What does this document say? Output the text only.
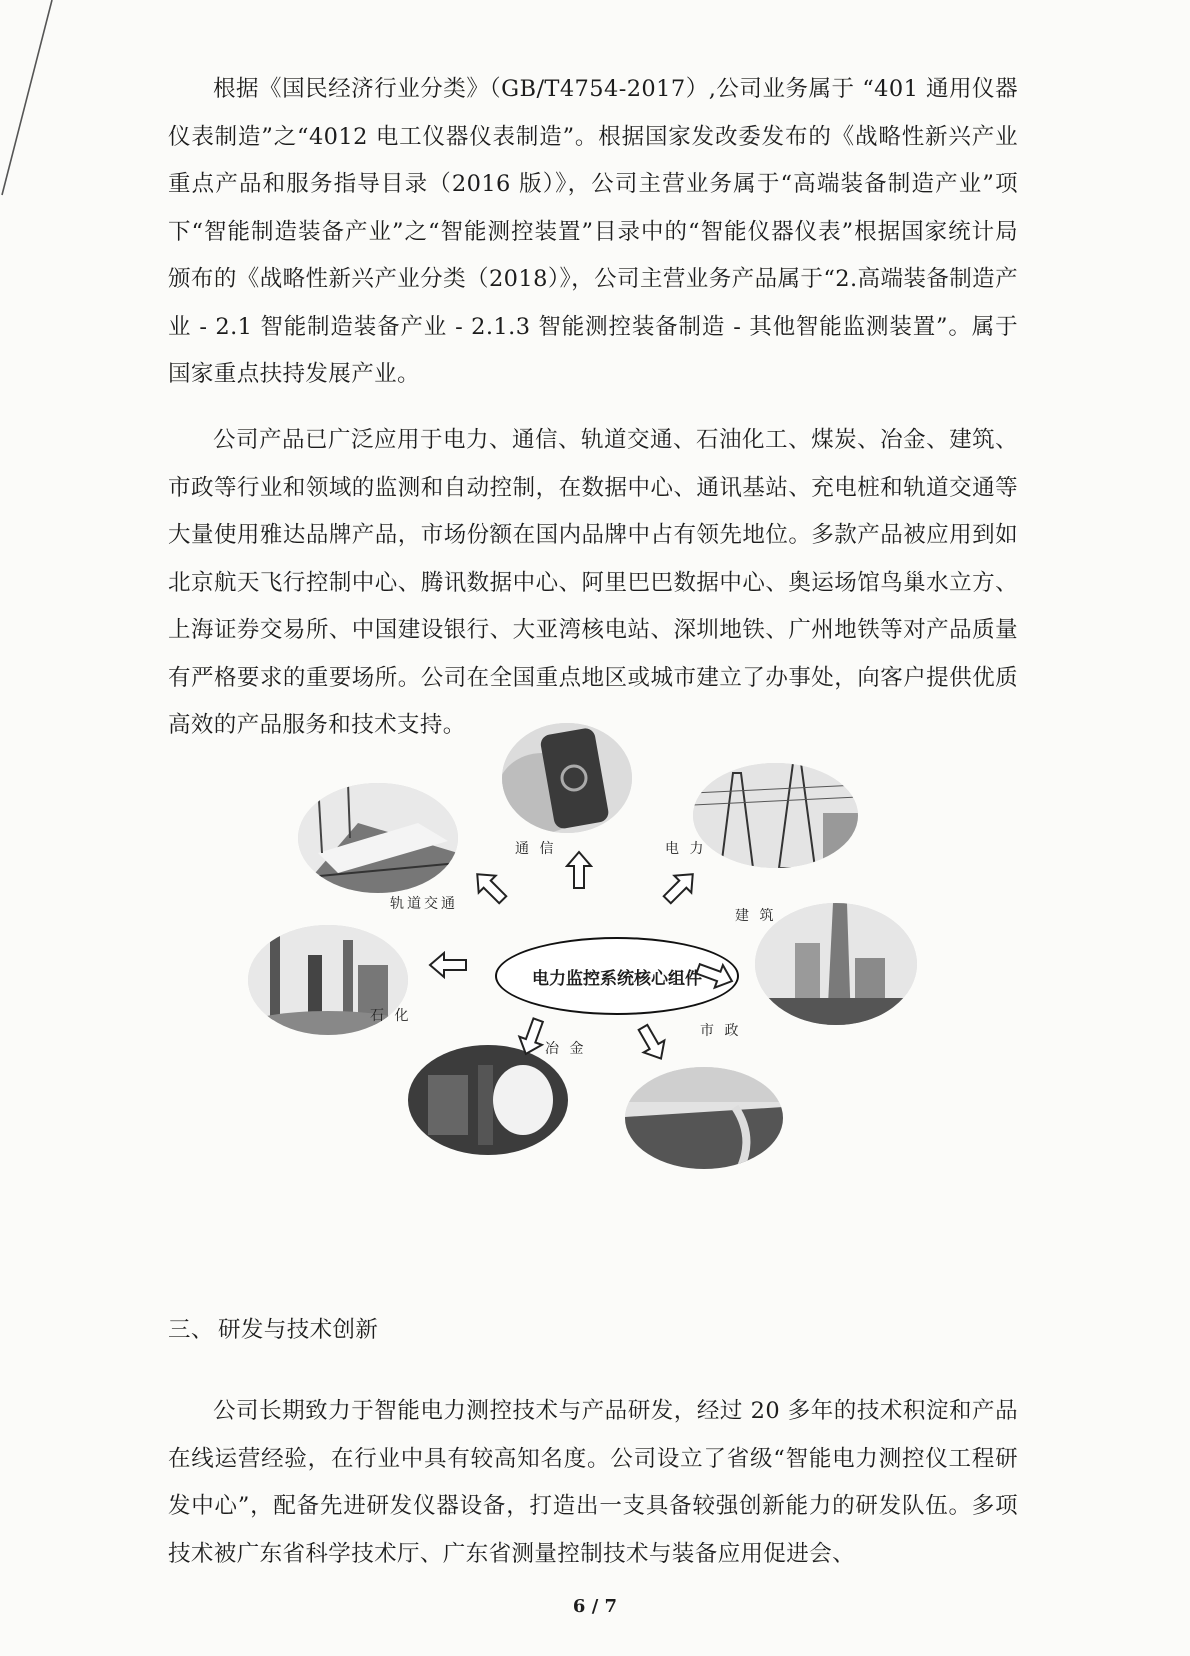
根据《国民经济行业分类》（GB/T4754-2017）,公司业务属于 “401 通用仪器仪表制造”之“4012 电工仪器仪表制造”。根据国家发改委发布的《战略性新兴产业重点产品和服务指导目录（2016 版）》，公司主营业务属于“高端装备制造产业”项下“智能制造装备产业”之“智能测控装置”目录中的“智能仪器仪表”根据国家统计局颁布的《战略性新兴产业分类（2018）》，公司主营业务产品属于“2.高端装备制造产业 - 2.1 智能制造装备产业 - 2.1.3 智能测控装备制造 - 其他智能监测装置”。属于国家重点扶持发展产业。

公司产品已广泛应用于电力、通信、轨道交通、石油化工、煤炭、冶金、建筑、市政等行业和领域的监测和自动控制，在数据中心、通讯基站、充电桩和轨道交通等大量使用雅达品牌产品，市场份额在国内品牌中占有领先地位。多款产品被应用到如北京航天飞行控制中心、腾讯数据中心、阿里巴巴数据中心、奥运场馆鸟巢水立方、上海证券交易所、中国建设银行、大亚湾核电站、深圳地铁、广州地铁等对产品质量有严格要求的重要场所。公司在全国重点地区或城市建立了办事处，向客户提供优质高效的产品服务和技术支持。

轨道交通
通 信	电 力
建 筑
石 化
冶 金
市 政
电力监控系统核心组件
三、 研发与技术创新

公司长期致力于智能电力测控技术与产品研发，经过 20 多年的技术积淀和产品在线运营经验，在行业中具有较高知名度。公司设立了省级“智能电力测控仪工程研发中心”，配备先进研发仪器设备，打造出一支具备较强创新能力的研发队伍。多项技术被广东省科学技术厅、广东省测量控制技术与装备应用促进会、

6 / 7
